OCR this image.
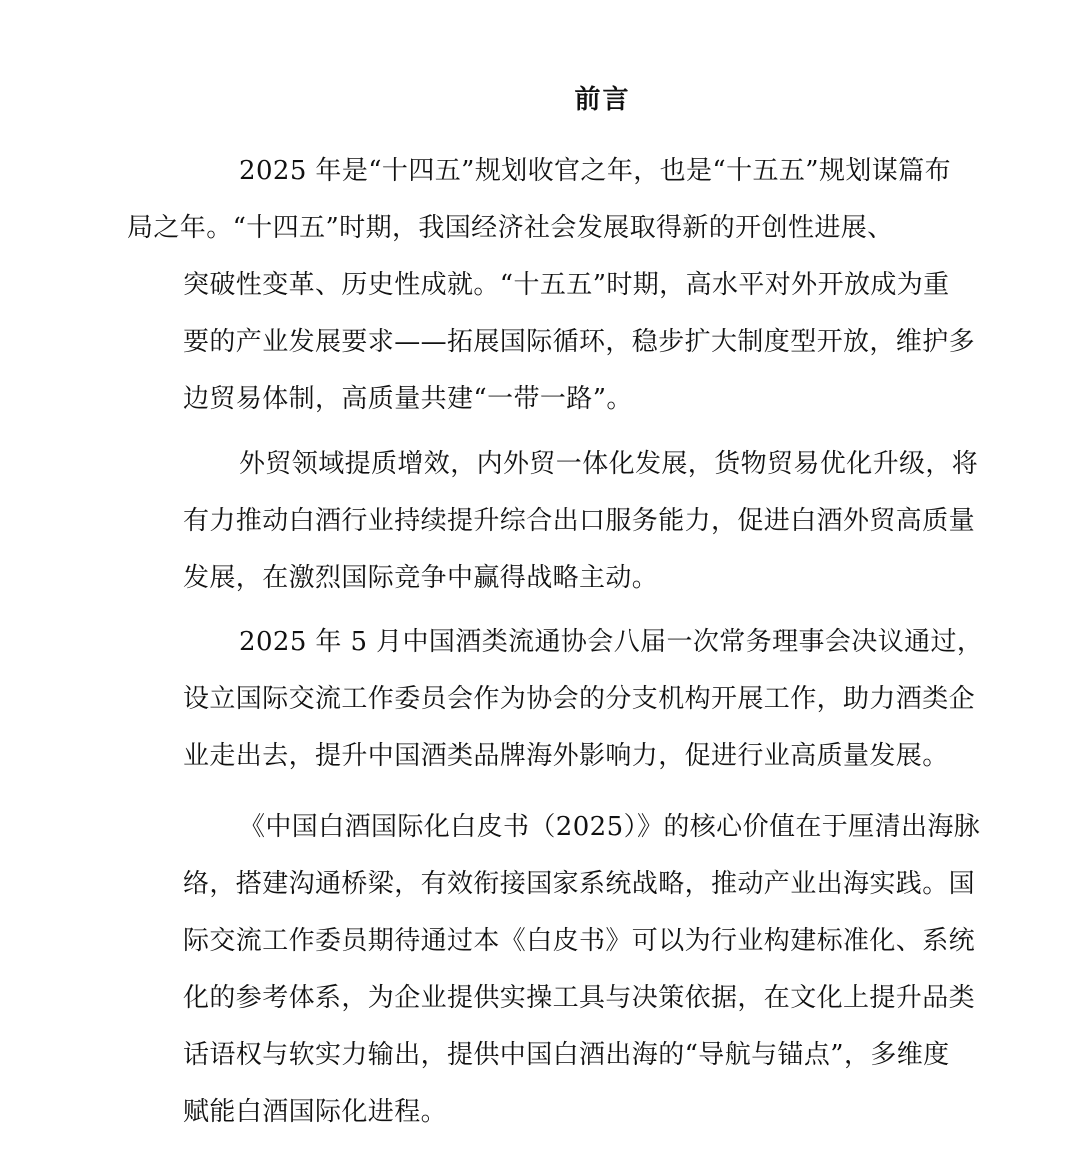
前言
2025 年是“十四五”规划收官之年，也是“十五五”规划谋篇布
局之年。“十四五”时期，我国经济社会发展取得新的开创性进展、
突破性变革、历史性成就。“十五五”时期，高水平对外开放成为重
要的产业发展要求——拓展国际循环，稳步扩大制度型开放，维护多
边贸易体制，高质量共建“一带一路”。
外贸领域提质增效，内外贸一体化发展，货物贸易优化升级，将
有力推动白酒行业持续提升综合出口服务能力，促进白酒外贸高质量
发展，在激烈国际竞争中赢得战略主动。
2025 年 5 月中国酒类流通协会八届一次常务理事会决议通过，
设立国际交流工作委员会作为协会的分支机构开展工作，助力酒类企
业走出去，提升中国酒类品牌海外影响力，促进行业高质量发展。
《中国白酒国际化白皮书（2025）》的核心价值在于厘清出海脉
络，搭建沟通桥梁，有效衔接国家系统战略，推动产业出海实践。国
际交流工作委员期待通过本《白皮书》可以为行业构建标准化、系统
化的参考体系，为企业提供实操工具与决策依据，在文化上提升品类
话语权与软实力输出，提供中国白酒出海的“导航与锚点”，多维度
赋能白酒国际化进程。
